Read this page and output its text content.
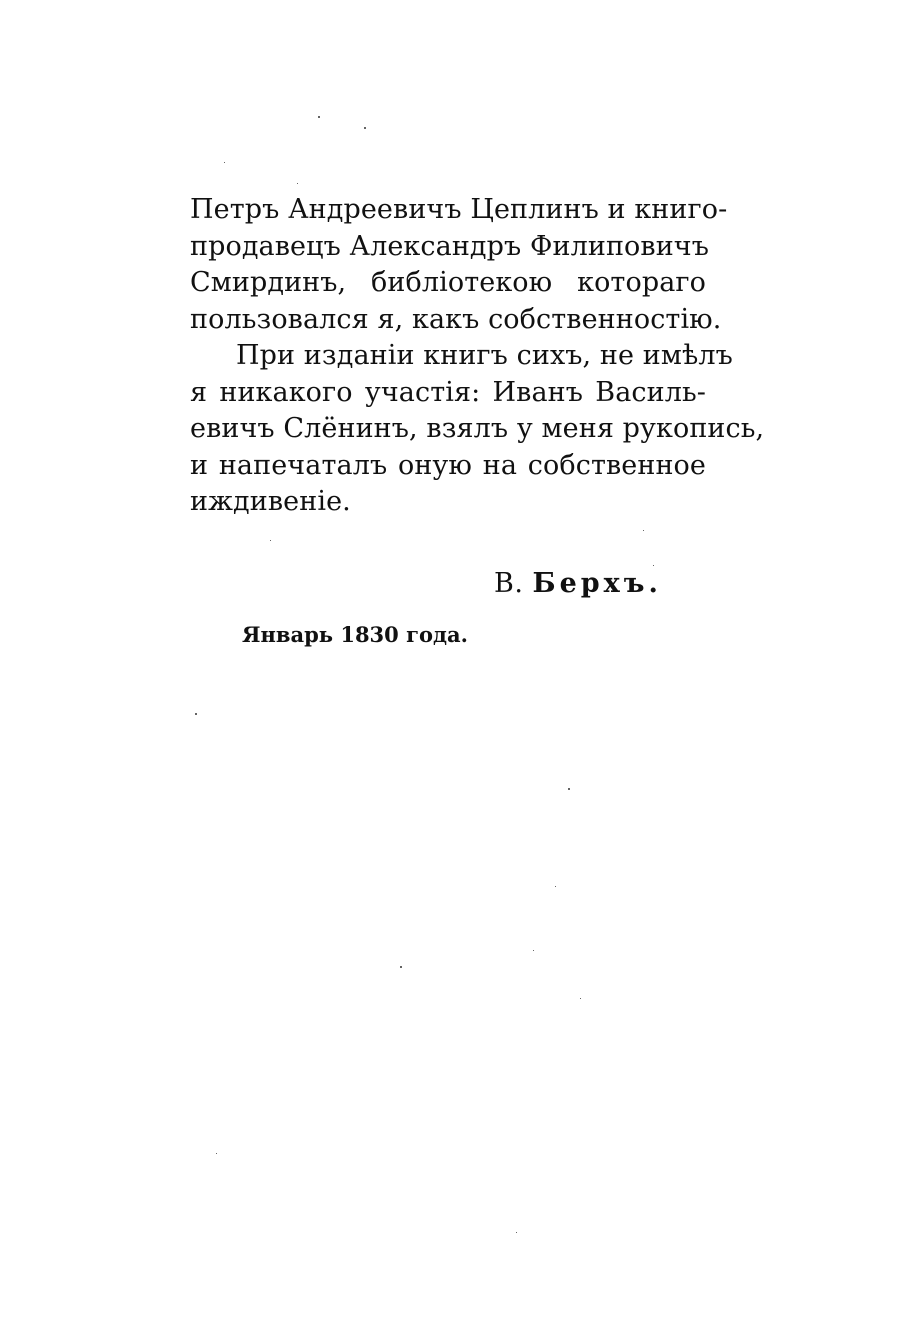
Петръ Андреевичъ Цеплинъ и книго-
продавецъ Александръ Филиповичъ
Смирдинъ, библіотекою котораго
пользовался я, какъ собственностію.
При изданіи книгъ сихъ, не имѣлъ
я никакого участія: Иванъ Василь-
евичъ Слёнинъ, взялъ у меня рукопись,
и напечаталъ оную на собственное
иждивеніе.
В. Берхъ.
Январь 1830 года.
